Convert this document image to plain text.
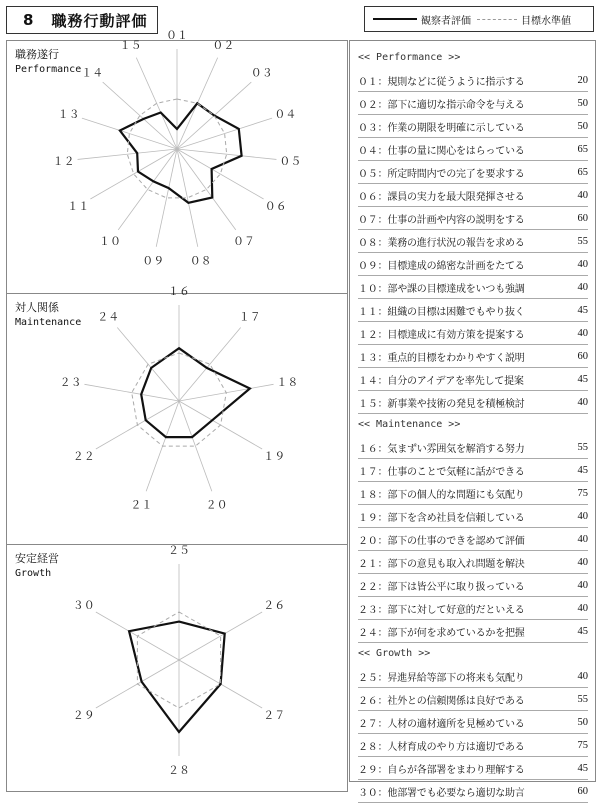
8 職務行動評価	観察者評価	目標水準値
職務遂行
Performance
０１
０２
０３
０４
０５
０６
０７
０８
０９
１０
１１
１２
１３
１４
１５
対人関係
Maintenance
１６
１７
１８
１９
２０
２１
２２
２３
２４
安定経営
Growth
２５
２６
２７
２８
２９
３０
<< Performance >>
０１：規則などに従うように指示する	20
０２：部下に適切な指示命令を与える	50
０３：作業の期限を明確に示している	50
０４：仕事の量に関心をはらっている	65
０５：所定時間内での完了を要求する	65
０６：課員の実力を最大限発揮させる	40
０７：仕事の計画や内容の説明をする	60
０８：業務の進行状況の報告を求める	55
０９：目標達成の綿密な計画をたてる	40
１０：部や課の目標達成をいつも強調	40
１１：組織の目標は困難でもやり抜く	45
１２：目標達成に有効方策を提案する	40
１３：重点的目標をわかりやすく説明	60
１４：自分のアイデアを率先して提案	45
１５：新事業や技術の発見を積極検討	40
<< Maintenance >>
１６：気まずい雰囲気を解消する努力	55
１７：仕事のことで気軽に話ができる	45
１８：部下の個人的な問題にも気配り	75
１９：部下を含め社員を信頼している	40
２０：部下の仕事のできを認めて評価	40
２１：部下の意見も取入れ問題を解決	40
２２：部下は皆公平に取り扱っている	40
２３：部下に対して好意的だといえる	40
２４：部下が何を求めているかを把握	45
<< Growth >>
２５：昇進昇給等部下の将来も気配り	40
２６：社外との信頼関係は良好である	55
２７：人材の適材適所を見極めている	50
２８：人材育成のやり方は適切である	75
２９：自らが各部署をまわり理解する	45
３０：他部署でも必要なら適切な助言	60
